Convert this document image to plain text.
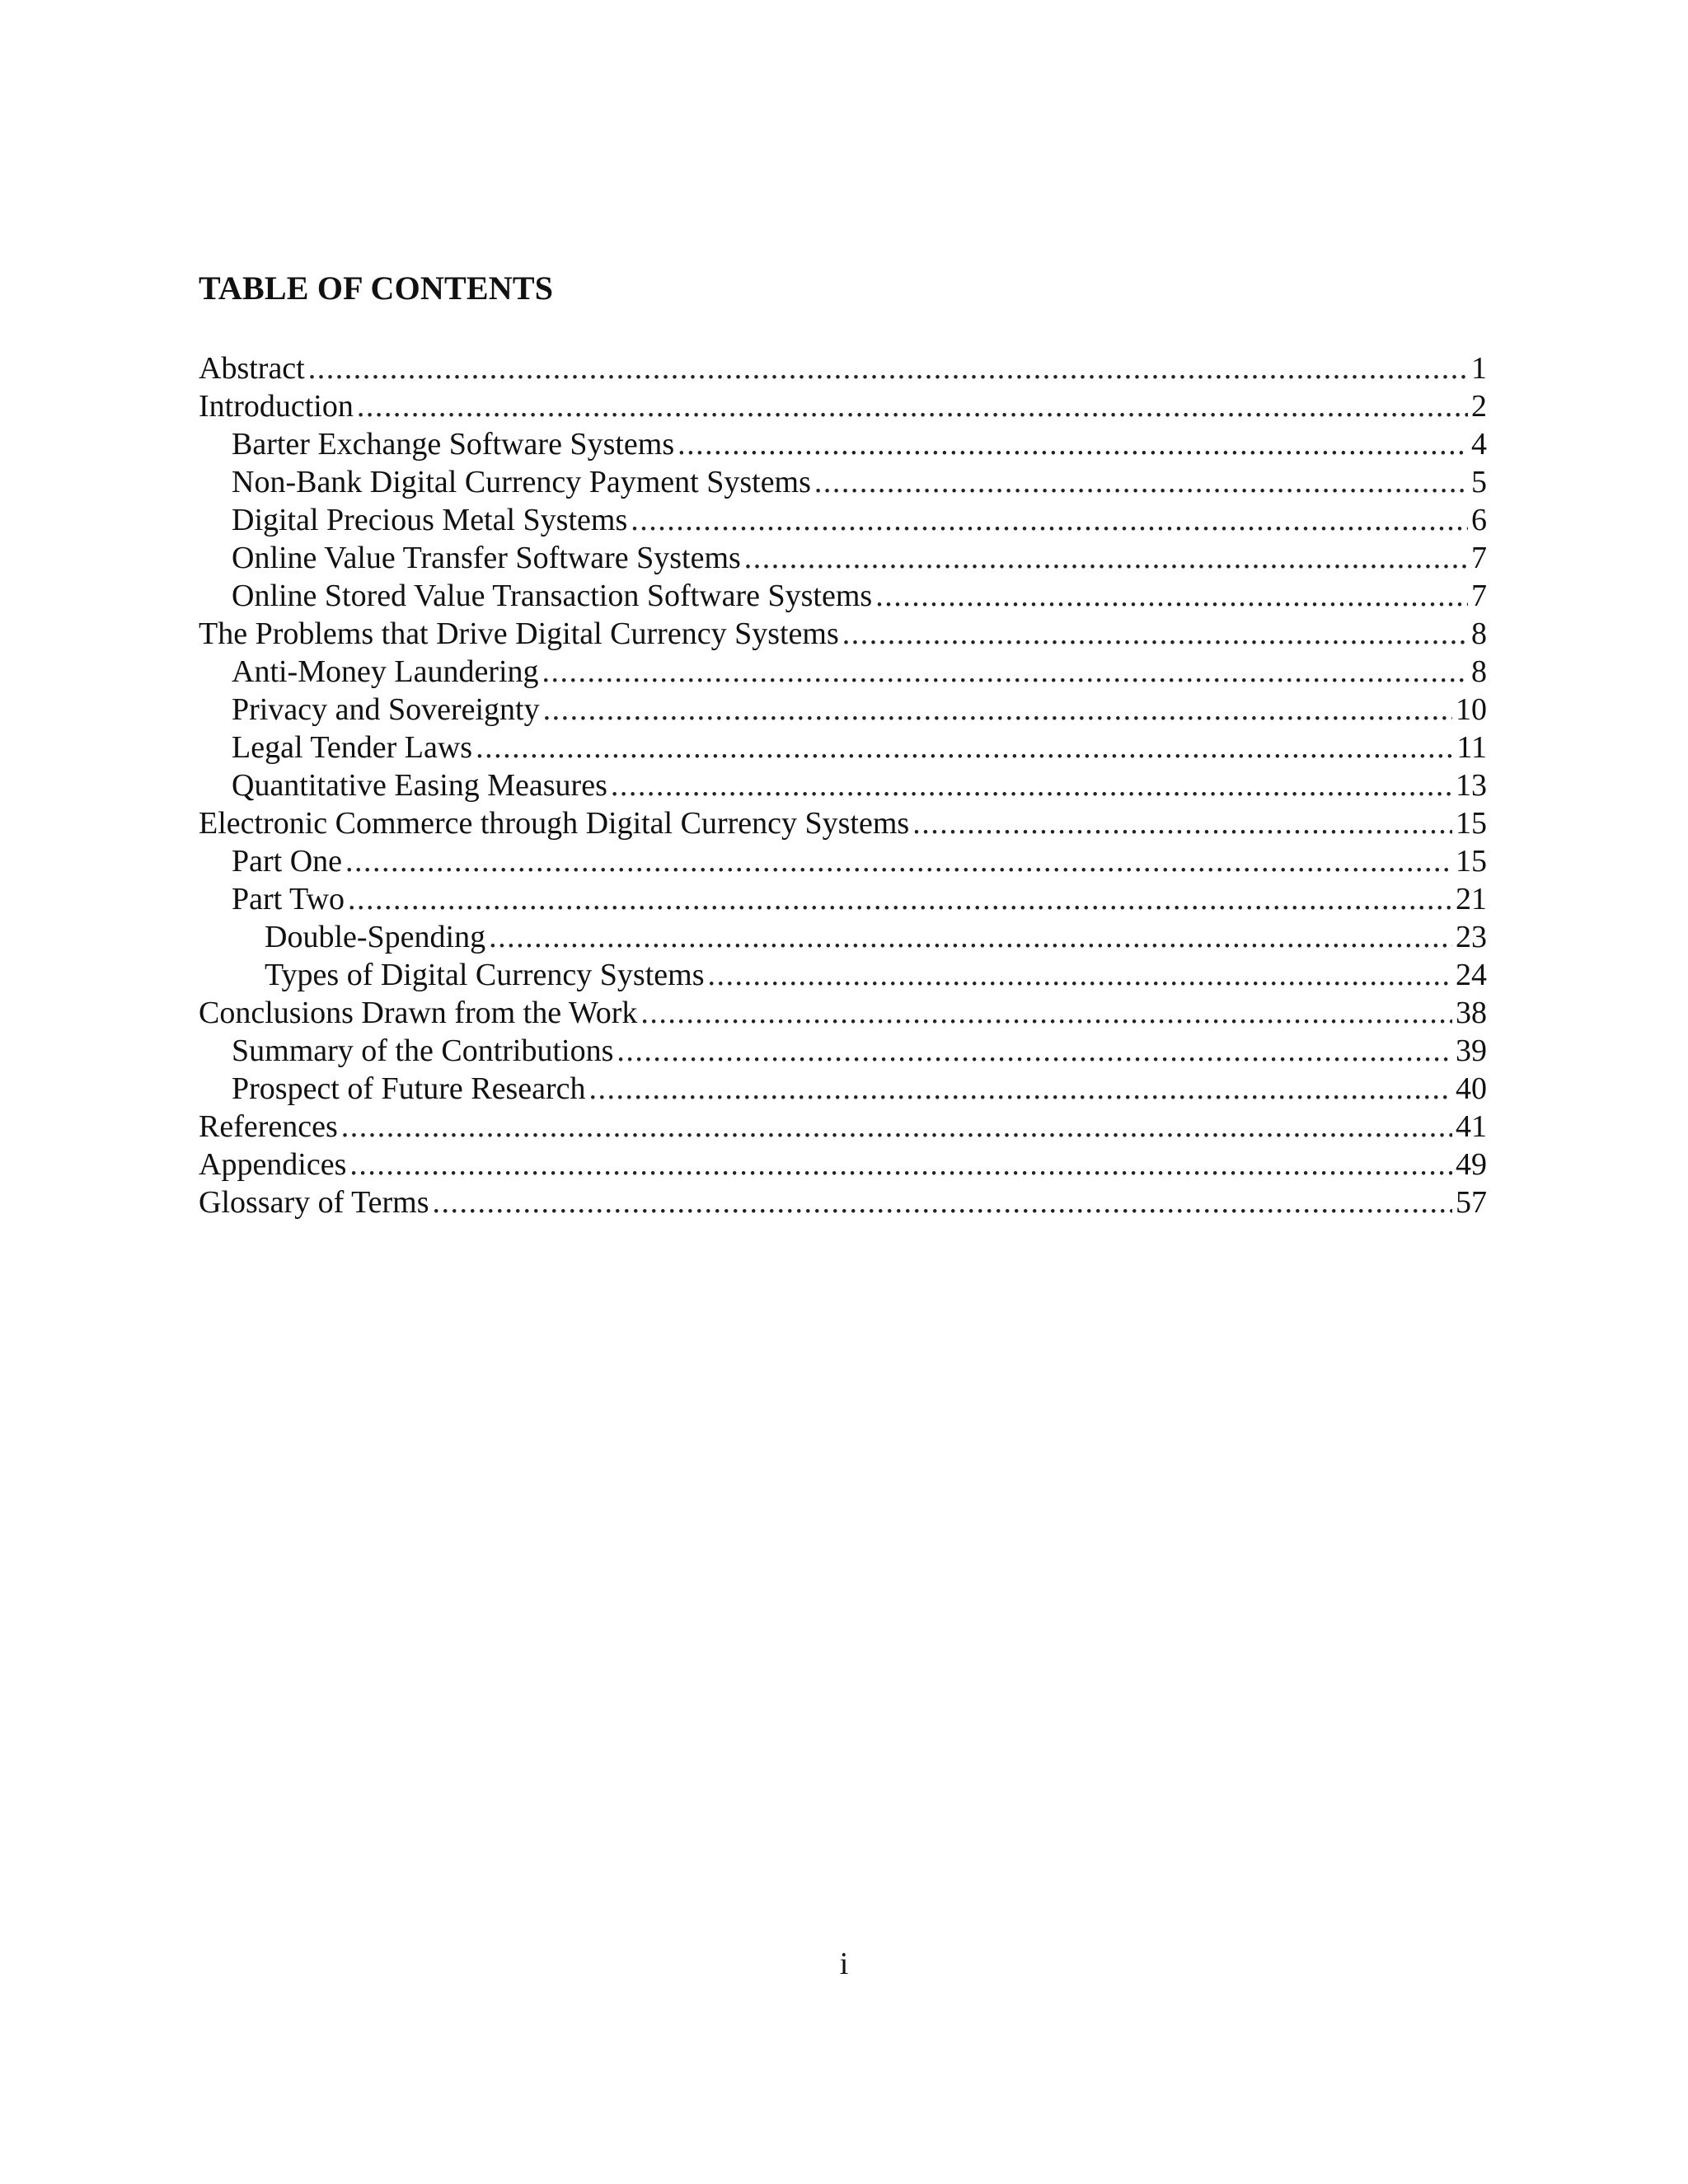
TABLE OF CONTENTS
Abstract .....	1
Introduction .....	2
Barter Exchange Software Systems .....	4
Non-Bank Digital Currency Payment Systems .....	5
Digital Precious Metal Systems .....	6
Online Value Transfer Software Systems .....	7
Online Stored Value Transaction Software Systems .....	7
The Problems that Drive Digital Currency Systems .....	8
Anti-Money Laundering .....	8
Privacy and Sovereignty .....	10
Legal Tender Laws .....	11
Quantitative Easing Measures .....	13
Electronic Commerce through Digital Currency Systems .....	15
Part One .....	15
Part Two .....	21
Double-Spending .....	23
Types of Digital Currency Systems .....	24
Conclusions Drawn from the Work .....	38
Summary of the Contributions .....	39
Prospect of Future Research .....	40
References .....	41
Appendices .....	49
Glossary of Terms .....	57
i
